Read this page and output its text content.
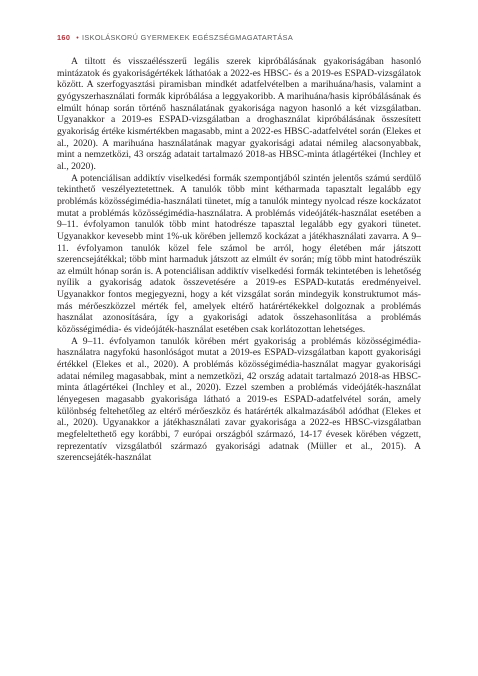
160 • ISKOLÁSKORÚ GYERMEKEK EGÉSZSÉGMAGATARTÁSA

A tiltott és visszaélésszerű legális szerek kipróbálásának gyakoriságában hasonló mintázatok és gyakoriságértékek láthatóak a 2022-es HBSC- és a 2019-es ESPAD-vizsgálatok között. A szerfogyasztási piramisban mindkét adatfelvételben a marihuána/hasis, valamint a gyógyszerhasználati formák kipróbálása a leggyakoribb. A marihuána/hasis kipróbálásának és elmúlt hónap során történő használatának gyakorisága nagyon hasonló a két vizsgálatban. Ugyanakkor a 2019-es ESPAD-vizsgálatban a droghasználat kipróbálásának összesített gyakoriság értéke kismértékben magasabb, mint a 2022-es HBSC-adatfelvétel során (Elekes et al., 2020). A marihuána használatának magyar gyakorisági adatai némileg alacsonyabbak, mint a nemzetközi, 43 ország adatait tartalmazó 2018-as HBSC-minta átlagértékei (Inchley et al., 2020).

A potenciálisan addiktív viselkedési formák szempontjából szintén jelentős számú serdülő tekinthető veszélyeztetettnek. A tanulók több mint kétharmada tapasztalt legalább egy problémás közösségimédia-használati tünetet, míg a tanulók mintegy nyolcad része kockázatot mutat a problémás közösségimédia-használatra. A problémás videójáték-használat esetében a 9–11. évfolyamon tanulók több mint hatodrésze tapasztal legalább egy gyakori tünetet. Ugyanakkor kevesebb mint 1%-uk körében jellemző kockázat a játékhasználati zavarra. A 9–11. évfolyamon tanulók közel fele számol be arról, hogy életében már játszott szerencsejátékkal; több mint harmaduk játszott az elmúlt év során; míg több mint hatodrészük az elmúlt hónap során is. A potenciálisan addiktív viselkedési formák tekintetében is lehetőség nyílik a gyakoriság adatok összevetésére a 2019-es ESPAD-kutatás eredményeivel. Ugyanakkor fontos megjegyezni, hogy a két vizsgálat során mindegyik konstruktumot más-más mérőeszközzel mérték fel, amelyek eltérő határértékekkel dolgoznak a problémás használat azonosítására, így a gyakorisági adatok összehasonlítása a problémás közösségimédia- és videójáték-használat esetében csak korlátozottan lehetséges.

A 9–11. évfolyamon tanulók körében mért gyakoriság a problémás közösségimédia-használatra nagyfokú hasonlóságot mutat a 2019-es ESPAD-vizsgálatban kapott gyakorisági értékkel (Elekes et al., 2020). A problémás közösségimédia-használat magyar gyakorisági adatai némileg magasabbak, mint a nemzetközi, 42 ország adatait tartalmazó 2018-as HBSC-minta átlagértékei (Inchley et al., 2020). Ezzel szemben a problémás videójáték-használat lényegesen magasabb gyakorisága látható a 2019-es ESPAD-adatfelvétel során, amely különbség feltehetőleg az eltérő mérőeszköz és határérték alkalmazásából adódhat (Elekes et al., 2020). Ugyanakkor a játékhasználati zavar gyakorisága a 2022-es HBSC-vizsgálatban megfeleltethető egy korábbi, 7 európai országból származó, 14-17 évesek körében végzett, reprezentatív vizsgálatból származó gyakorisági adatnak (Müller et al., 2015). A szerencsejáték-használat
